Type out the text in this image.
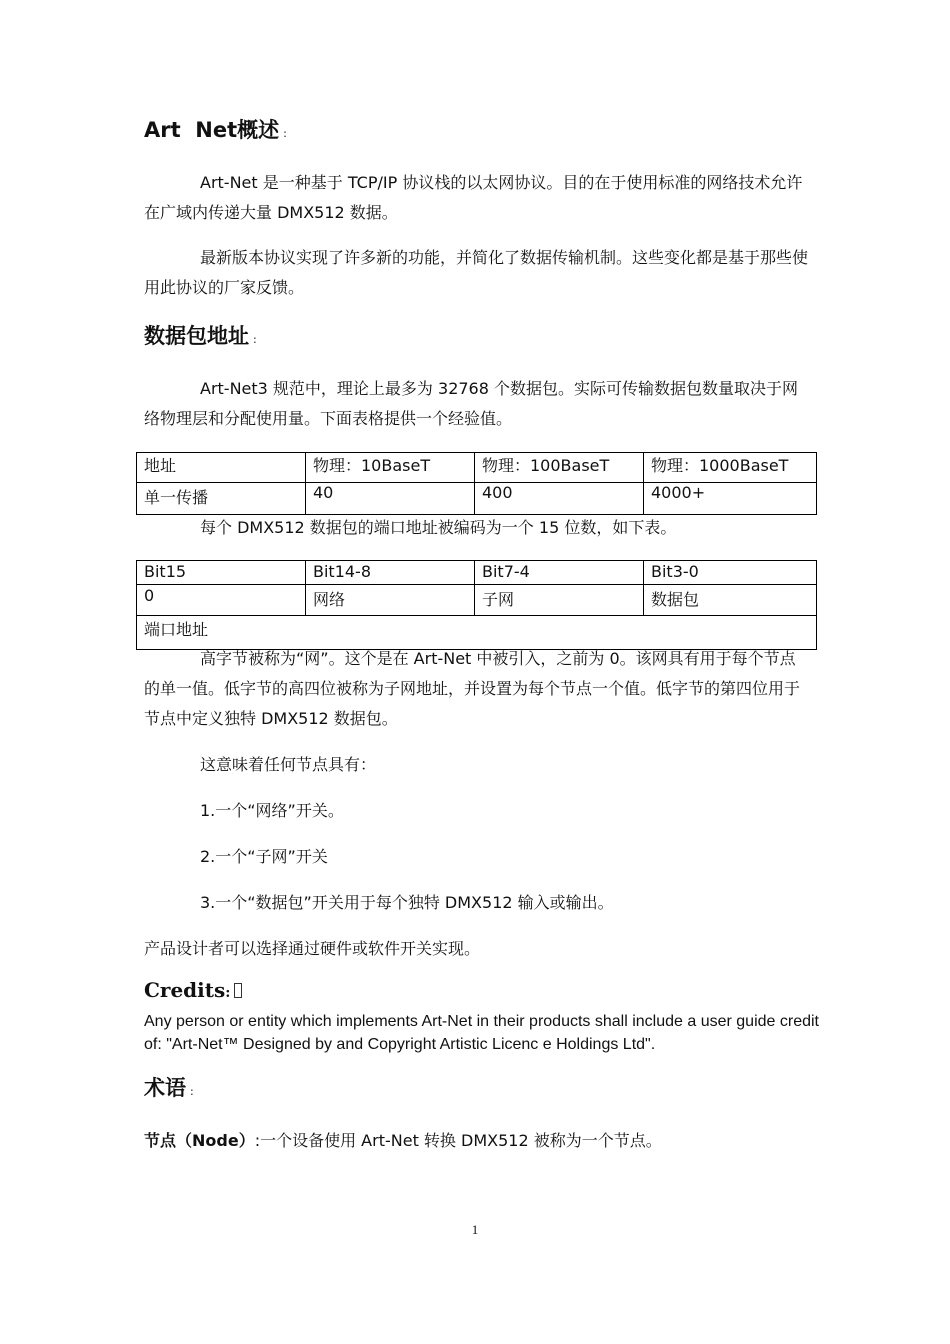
Art  Net概述 :

Art-Net 是一种基于 TCP/IP 协议栈的以太网协议。目的在于使用标准的网络技术允许在广域内传递大量 DMX512 数据。

最新版本协议实现了许多新的功能，并简化了数据传输机制。这些变化都是基于那些使用此协议的厂家反馈。

数据包地址 :

Art-Net3 规范中，理论上最多为 32768 个数据包。实际可传输数据包数量取决于网络物理层和分配使用量。下面表格提供一个经验值。

地址	物理：10BaseT	物理：100BaseT	物理：1000BaseT
单一传播	40	400	4000+

每个 DMX512 数据包的端口地址被编码为一个 15 位数，如下表。

Bit15	Bit14-8	Bit7-4	Bit3-0
0	网络	子网	数据包
端口地址			

高字节被称为“网”。这个是在 Art-Net 中被引入，之前为 0。该网具有用于每个节点的单一值。低字节的高四位被称为子网地址，并设置为每个节点一个值。低字节的第四位用于节点中定义独特 DMX512 数据包。

这意味着任何节点具有：

1.一个“网络”开关。

2.一个“子网”开关

3.一个“数据包”开关用于每个独特 DMX512 输入或输出。

产品设计者可以选择通过硬件或软件开关实现。

Credits:

Any person or entity which implements Art-Net in their products shall include a user guide credit of: "Art-Net™ Designed by and Copyright Artistic Licenc e Holdings Ltd".

术语 :

节点（Node）:一个设备使用 Art-Net 转换 DMX512 被称为一个节点。

1
